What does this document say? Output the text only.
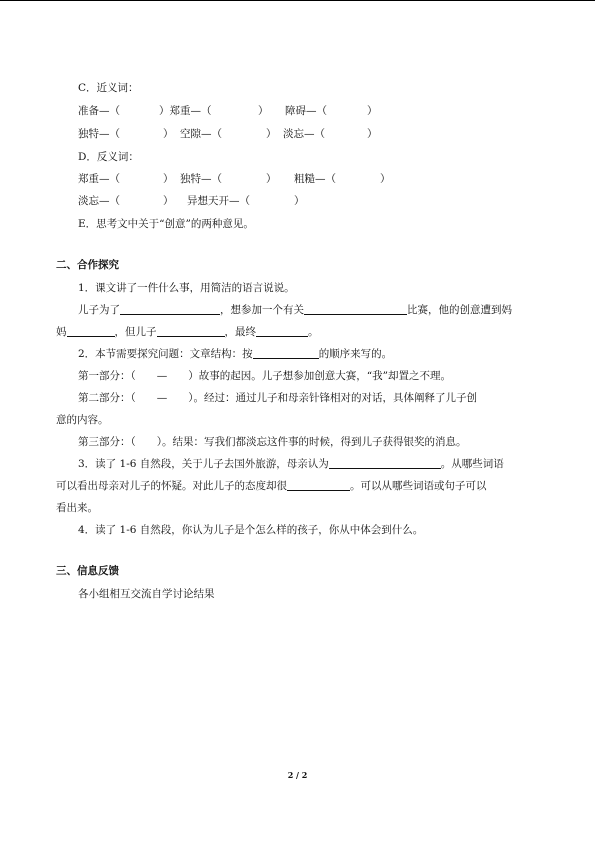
C．近义词：
准备—（	）郑重—（	） 障碍—（	）
独特—（	） 空隙—（	） 淡忘—（	）
D．反义词：
郑重—（	） 独特—（	） 粗糙—（	）
淡忘—（	） 异想天开—（	）
E．思考文中关于“创意”的两种意见。
二、合作探究
1．课文讲了一件什么事，用简洁的语言说说。
儿子为了	，想参加一个有关	比赛，他的创意遭到妈
妈	，但儿子	，最终	。
2．本节需要探究问题：文章结构：按	的顺序来写的。
第一部分：（　　—　　）故事的起因。儿子想参加创意大赛，“我”却置之不理。
第二部分：（　　—　　）。经过：通过儿子和母亲针锋相对的对话，具体阐释了儿子创
意的内容。
第三部分：（　　）。结果：写我们都淡忘这件事的时候，得到儿子获得银奖的消息。
3．读了 1-6 自然段，关于儿子去国外旅游，母亲认为	。从哪些词语
可以看出母亲对儿子的怀疑。对此儿子的态度却很	。可以从哪些词语或句子可以
看出来。
4．读了 1-6 自然段，你认为儿子是个怎么样的孩子，你从中体会到什么。
三、信息反馈
各小组相互交流自学讨论结果
2 / 2
